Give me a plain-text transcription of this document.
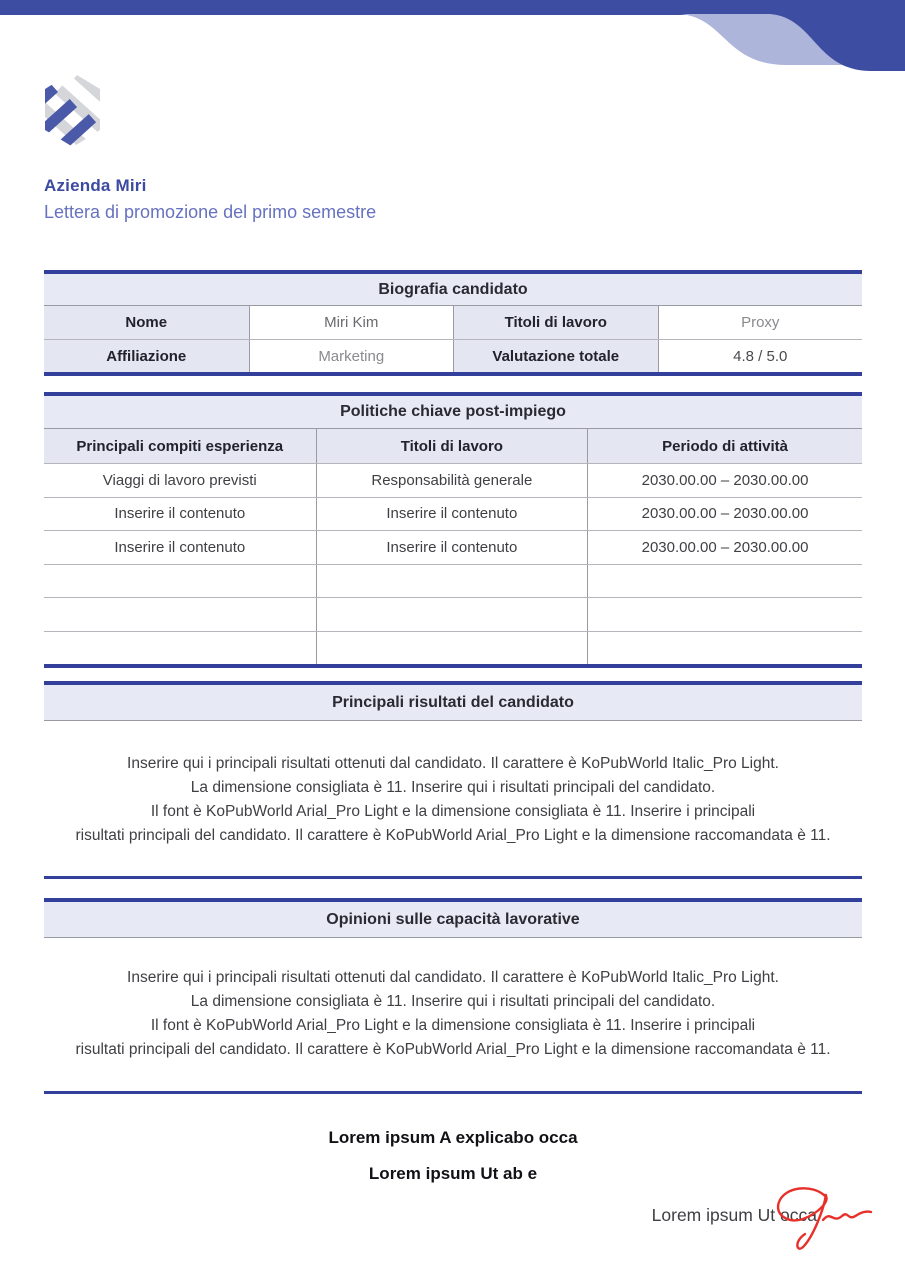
Azienda Miri
Lettera di promozione del primo semestre
Biografia candidato
Nome	Miri Kim	Titoli di lavoro	Proxy
Affiliazione	Marketing	Valutazione totale	4.8 / 5.0
Politiche chiave post-impiego
Principali compiti esperienza	Titoli di lavoro	Periodo di attività
Viaggi di lavoro previsti	Responsabilità generale	2030.00.00 – 2030.00.00
Inserire il contenuto	Inserire il contenuto	2030.00.00 – 2030.00.00
Inserire il contenuto	Inserire il contenuto	2030.00.00 – 2030.00.00
Principali risultati del candidato
Inserire qui i principali risultati ottenuti dal candidato. Il carattere è KoPubWorld Italic_Pro Light.
La dimensione consigliata è 11. Inserire qui i risultati principali del candidato.
Il font è KoPubWorld Arial_Pro Light e la dimensione consigliata è 11. Inserire i principali
risultati principali del candidato. Il carattere è KoPubWorld Arial_Pro Light e la dimensione raccomandata è 11.
Opinioni sulle capacità lavorative
Inserire qui i principali risultati ottenuti dal candidato. Il carattere è KoPubWorld Italic_Pro Light.
La dimensione consigliata è 11. Inserire qui i risultati principali del candidato.
Il font è KoPubWorld Arial_Pro Light e la dimensione consigliata è 11. Inserire i principali
risultati principali del candidato. Il carattere è KoPubWorld Arial_Pro Light e la dimensione raccomandata è 11.
Lorem ipsum A explicabo occa
Lorem ipsum Ut ab e
Lorem ipsum Ut occa
